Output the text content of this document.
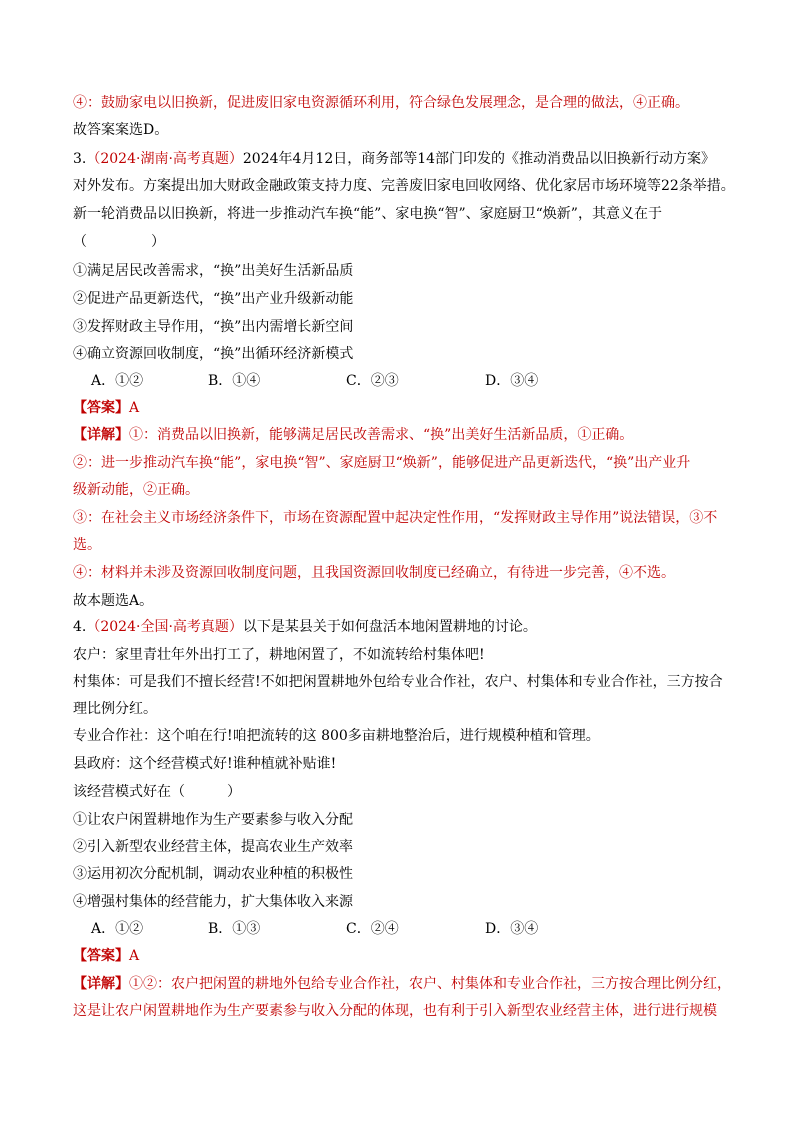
④：鼓励家电以旧换新，促进废旧家电资源循环利用，符合绿色发展理念，是合理的做法，④正确。
故答案案选D。
3.（2024·湖南·高考真题）2024年4月12日，商务部等14部门印发的《推动消费品以旧换新行动方案》
对外发布。方案提出加大财政金融政策支持力度、完善废旧家电回收网络、优化家居市场环境等22条举措。
新一轮消费品以旧换新，将进一步推动汽车换“能”、家电换“智”、家庭厨卫“焕新”，其意义在于
（	）
①满足居民改善需求，“换”出美好生活新品质
②促进产品更新迭代，“换”出产业升级新动能
③发挥财政主导作用，“换”出内需增长新空间
④确立资源回收制度，“换”出循环经济新模式
A．①②	B．①④	C．②③	D．③④
【答案】A
【详解】①：消费品以旧换新，能够满足居民改善需求、“换”出美好生活新品质，①正确。
②：进一步推动汽车换“能”，家电换“智”、家庭厨卫“焕新”，能够促进产品更新迭代，“换”出产业升
级新动能，②正确。
③：在社会主义市场经济条件下，市场在资源配置中起决定性作用，“发挥财政主导作用”说法错误，③不
选。
④：材料并未涉及资源回收制度问题，且我国资源回收制度已经确立，有待进一步完善，④不选。
故本题选A。
4.（2024·全国·高考真题）以下是某县关于如何盘活本地闲置耕地的讨论。
农户：家里青壮年外出打工了，耕地闲置了，不如流转给村集体吧!
村集体：可是我们不擅长经营!不如把闲置耕地外包给专业合作社，农户、村集体和专业合作社，三方按合
理比例分红。
专业合作社：这个咱在行!咱把流转的这 800多亩耕地整治后，进行规模种植和管理。
县政府：这个经营模式好!谁种植就补贴谁!
该经营模式好在（　　　）
①让农户闲置耕地作为生产要素参与收入分配
②引入新型农业经营主体，提高农业生产效率
③运用初次分配机制，调动农业种植的积极性
④增强村集体的经营能力，扩大集体收入来源
A．①②	B．①③	C．②④	D．③④
【答案】A
【详解】①②：农户把闲置的耕地外包给专业合作社，农户、村集体和专业合作社，三方按合理比例分红，
这是让农户闲置耕地作为生产要素参与收入分配的体现，也有利于引入新型农业经营主体，进行进行规模
